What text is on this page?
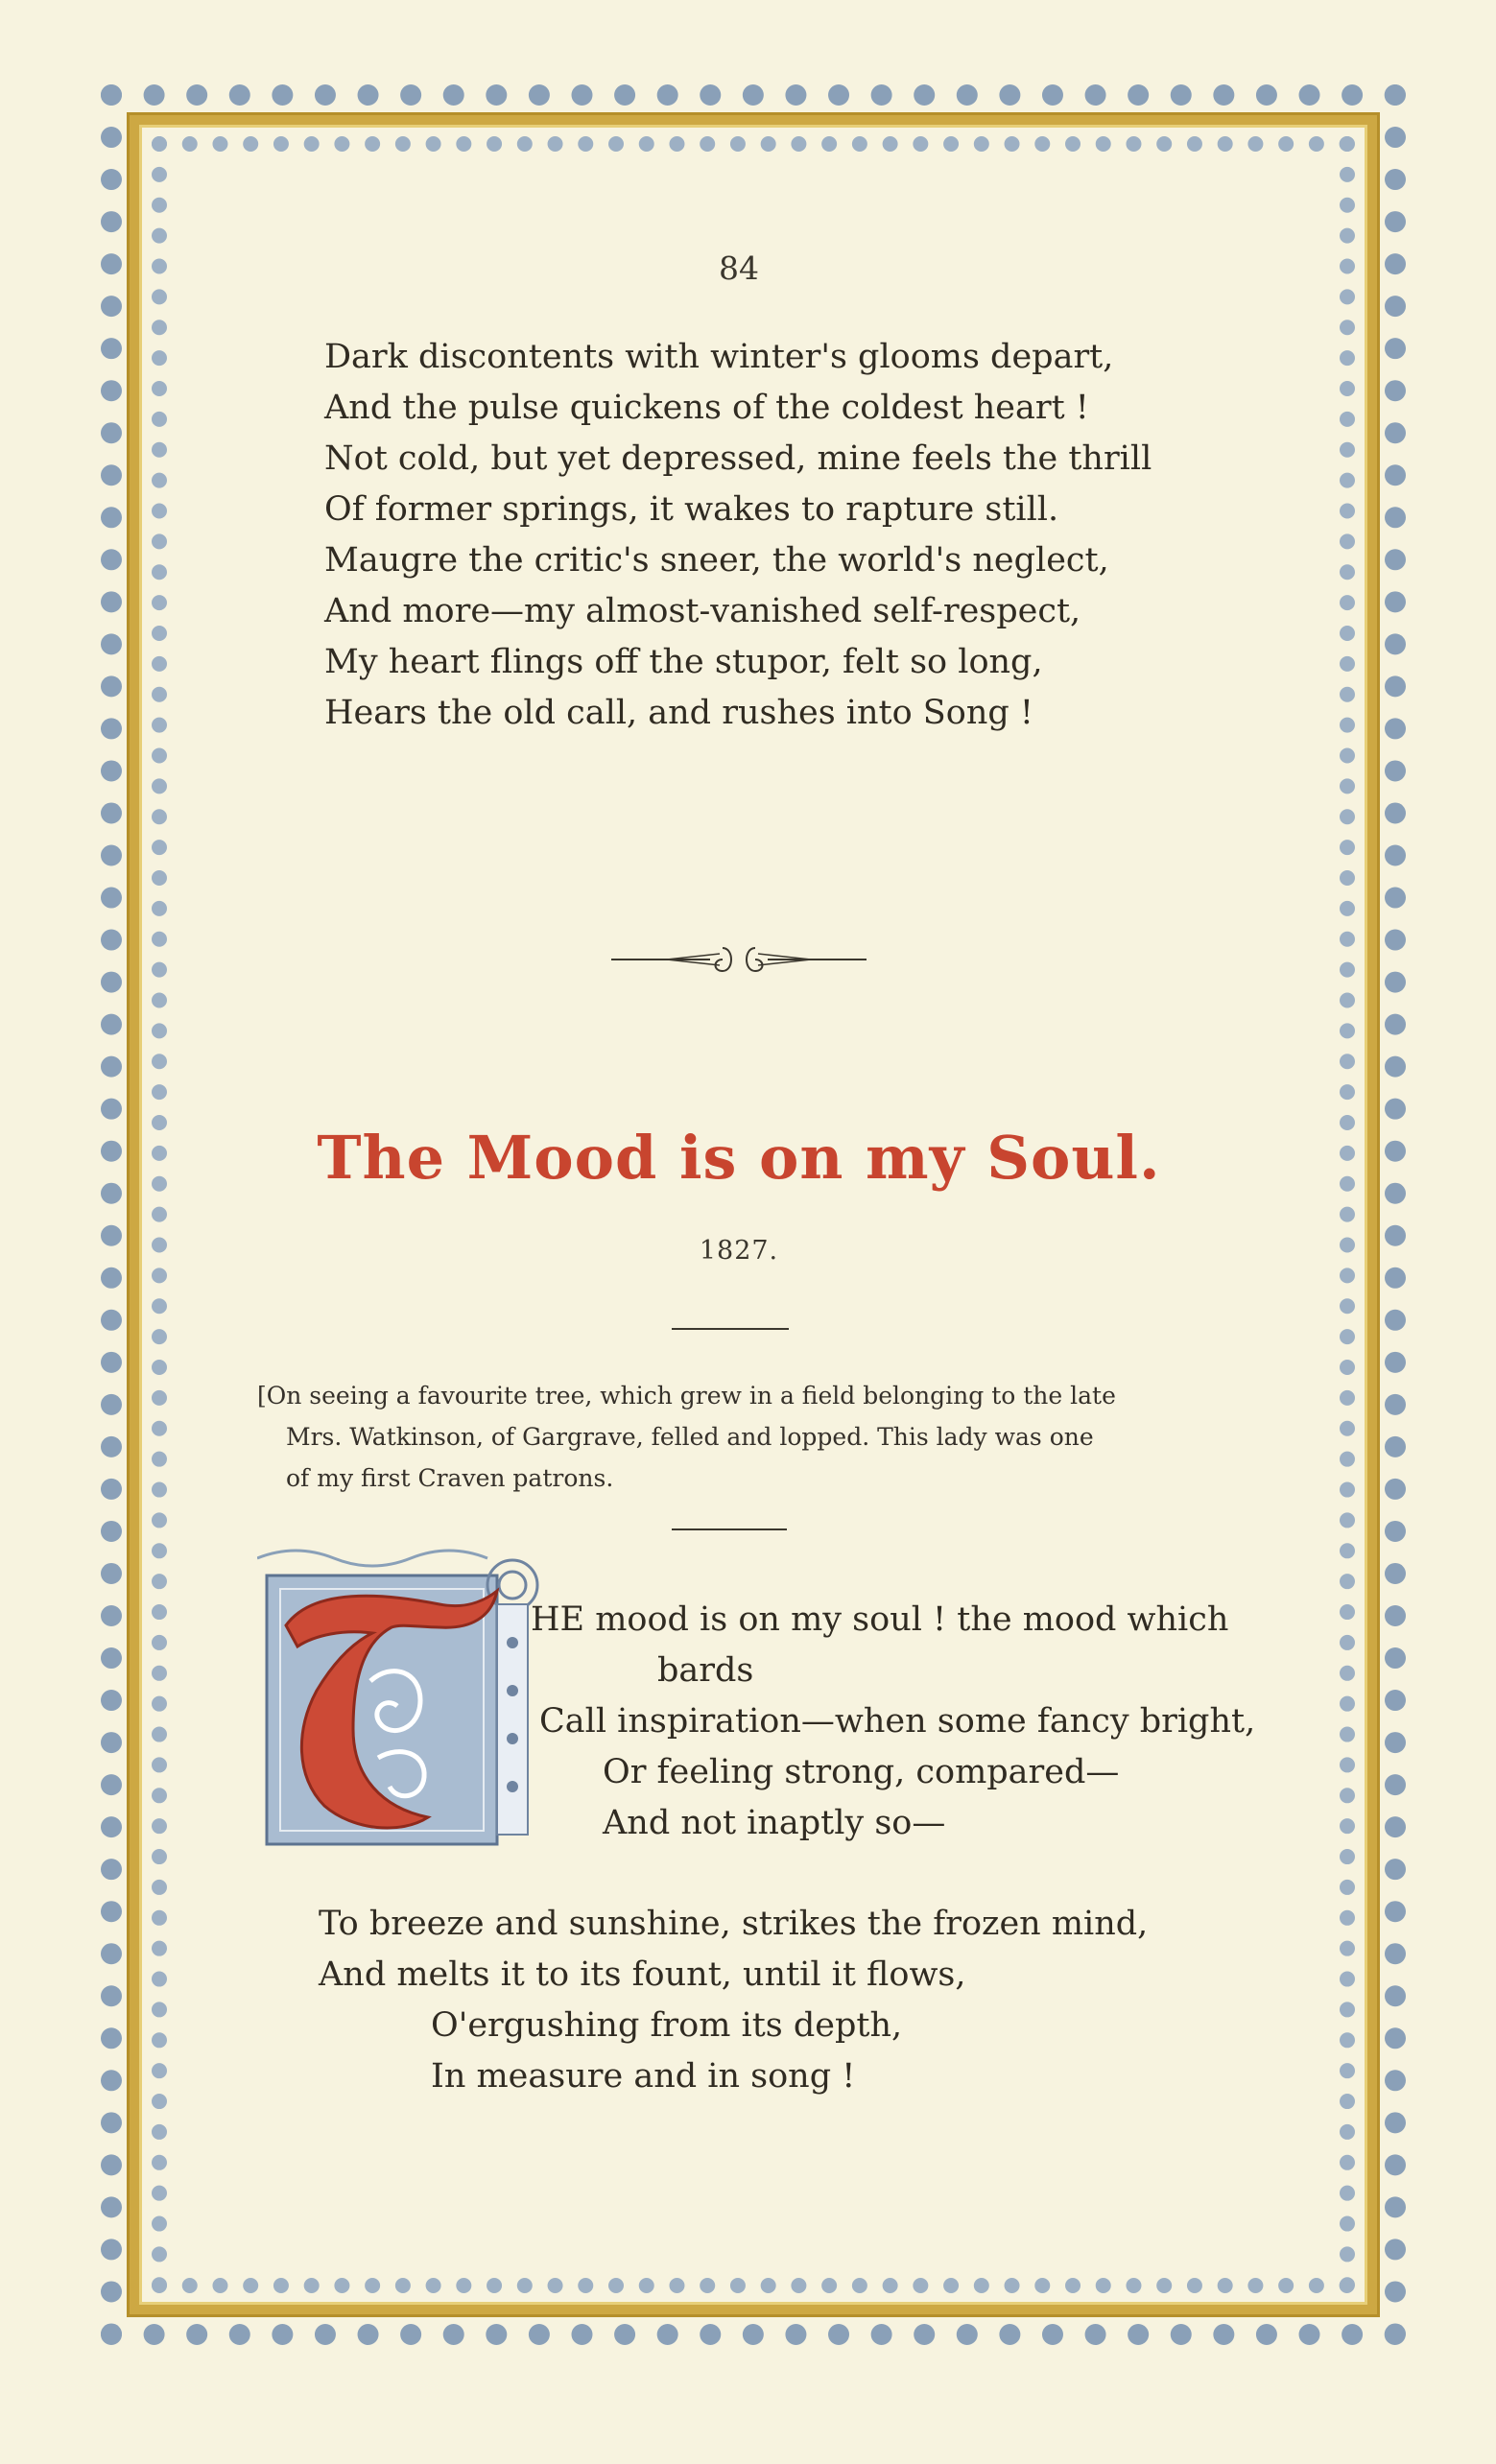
84
Dark discontents with winter's glooms depart,
And the pulse quickens of the coldest heart !
Not cold, but yet depressed, mine feels the thrill
Of former springs, it wakes to rapture still.
Maugre the critic's sneer, the world's neglect,
And more—my almost-vanished self-respect,
My heart flings off the stupor, felt so long,
Hears the old call, and rushes into Song !
The Mood is on my Soul.
1827.
[On seeing a favourite tree, which grew in a field belonging to the late
Mrs. Watkinson, of Gargrave, felled and lopped. This lady was one
of my first Craven patrons.
HE mood is on my soul ! the mood which
bards
Call inspiration—when some fancy bright,
Or feeling strong, compared—
And not inaptly so—
To breeze and sunshine, strikes the frozen mind,
And melts it to its fount, until it flows,
O'ergushing from its depth,
In measure and in song !
